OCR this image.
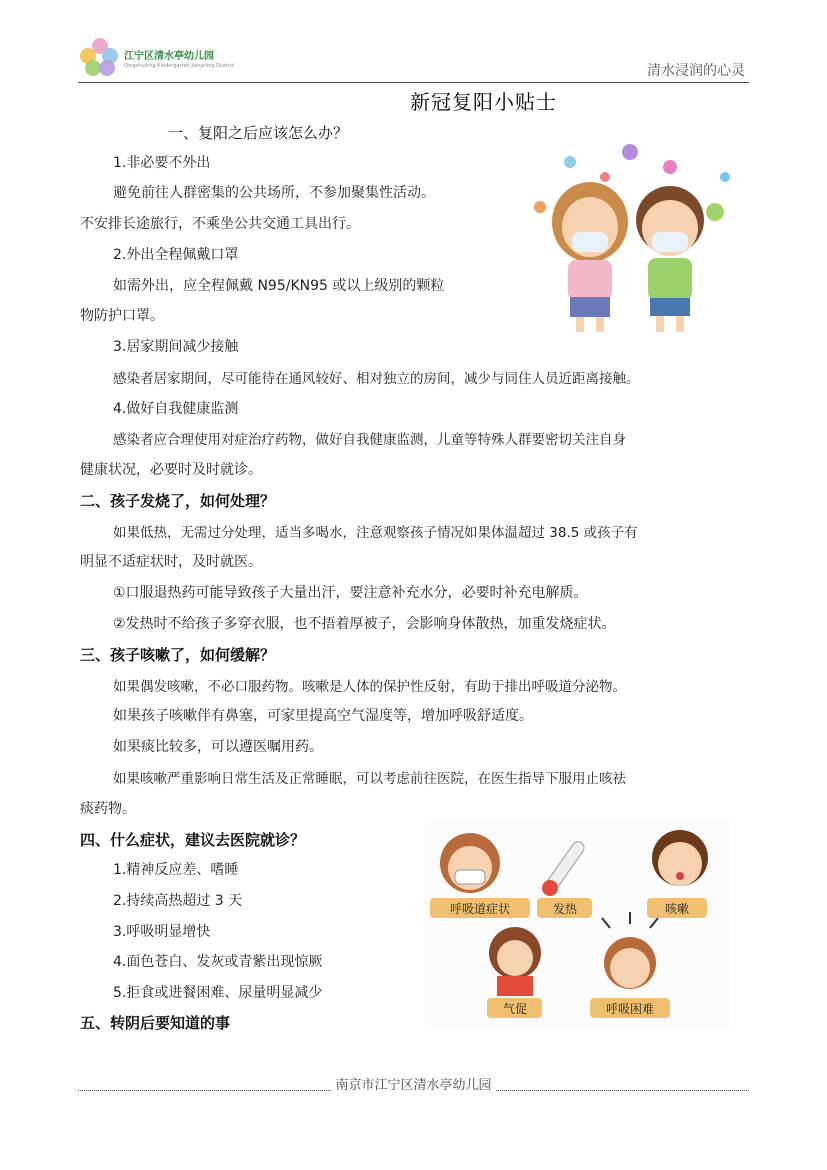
江宁区清水亭幼儿园
Qingshuiting Kindergarten Jiangning District	清水浸润的心灵
新冠复阳小贴士
一、复阳之后应该怎么办？
1.非必要不外出
避免前往人群密集的公共场所，不参加聚集性活动。
不安排长途旅行，不乘坐公共交通工具出行。
2.外出全程佩戴口罩
如需外出，应全程佩戴 N95/KN95 或以上级别的颗粒
物防护口罩。
3.居家期间减少接触
感染者居家期间，尽可能待在通风较好、相对独立的房间，减少与同住人员近距离接触。
4.做好自我健康监测
感染者应合理使用对症治疗药物，做好自我健康监测，儿童等特殊人群要密切关注自身
健康状况，必要时及时就诊。
二、孩子发烧了，如何处理？
如果低热，无需过分处理，适当多喝水，注意观察孩子情况如果体温超过 38.5 或孩子有
明显不适症状时，及时就医。
①口服退热药可能导致孩子大量出汗，要注意补充水分，必要时补充电解质。
②发热时不给孩子多穿衣服，也不捂着厚被子，会影响身体散热，加重发烧症状。
三、孩子咳嗽了，如何缓解？
如果偶发咳嗽，不必口服药物。咳嗽是人体的保护性反射，有助于排出呼吸道分泌物。
如果孩子咳嗽伴有鼻塞，可家里提高空气湿度等，增加呼吸舒适度。
如果痰比较多，可以遵医嘱用药。
如果咳嗽严重影响日常生活及正常睡眠，可以考虑前往医院，在医生指导下服用止咳祛
痰药物。
四、什么症状，建议去医院就诊？
1.精神反应差、嗜睡
2.持续高热超过 3 天
3.呼吸明显增快
4.面色苍白、发灰或青紫出现惊厥
5.拒食或进餐困难、尿量明显减少
五、转阴后要知道的事
呼吸道症状	发热	咳嗽
气促	呼吸困难
南京市江宁区清水亭幼儿园
